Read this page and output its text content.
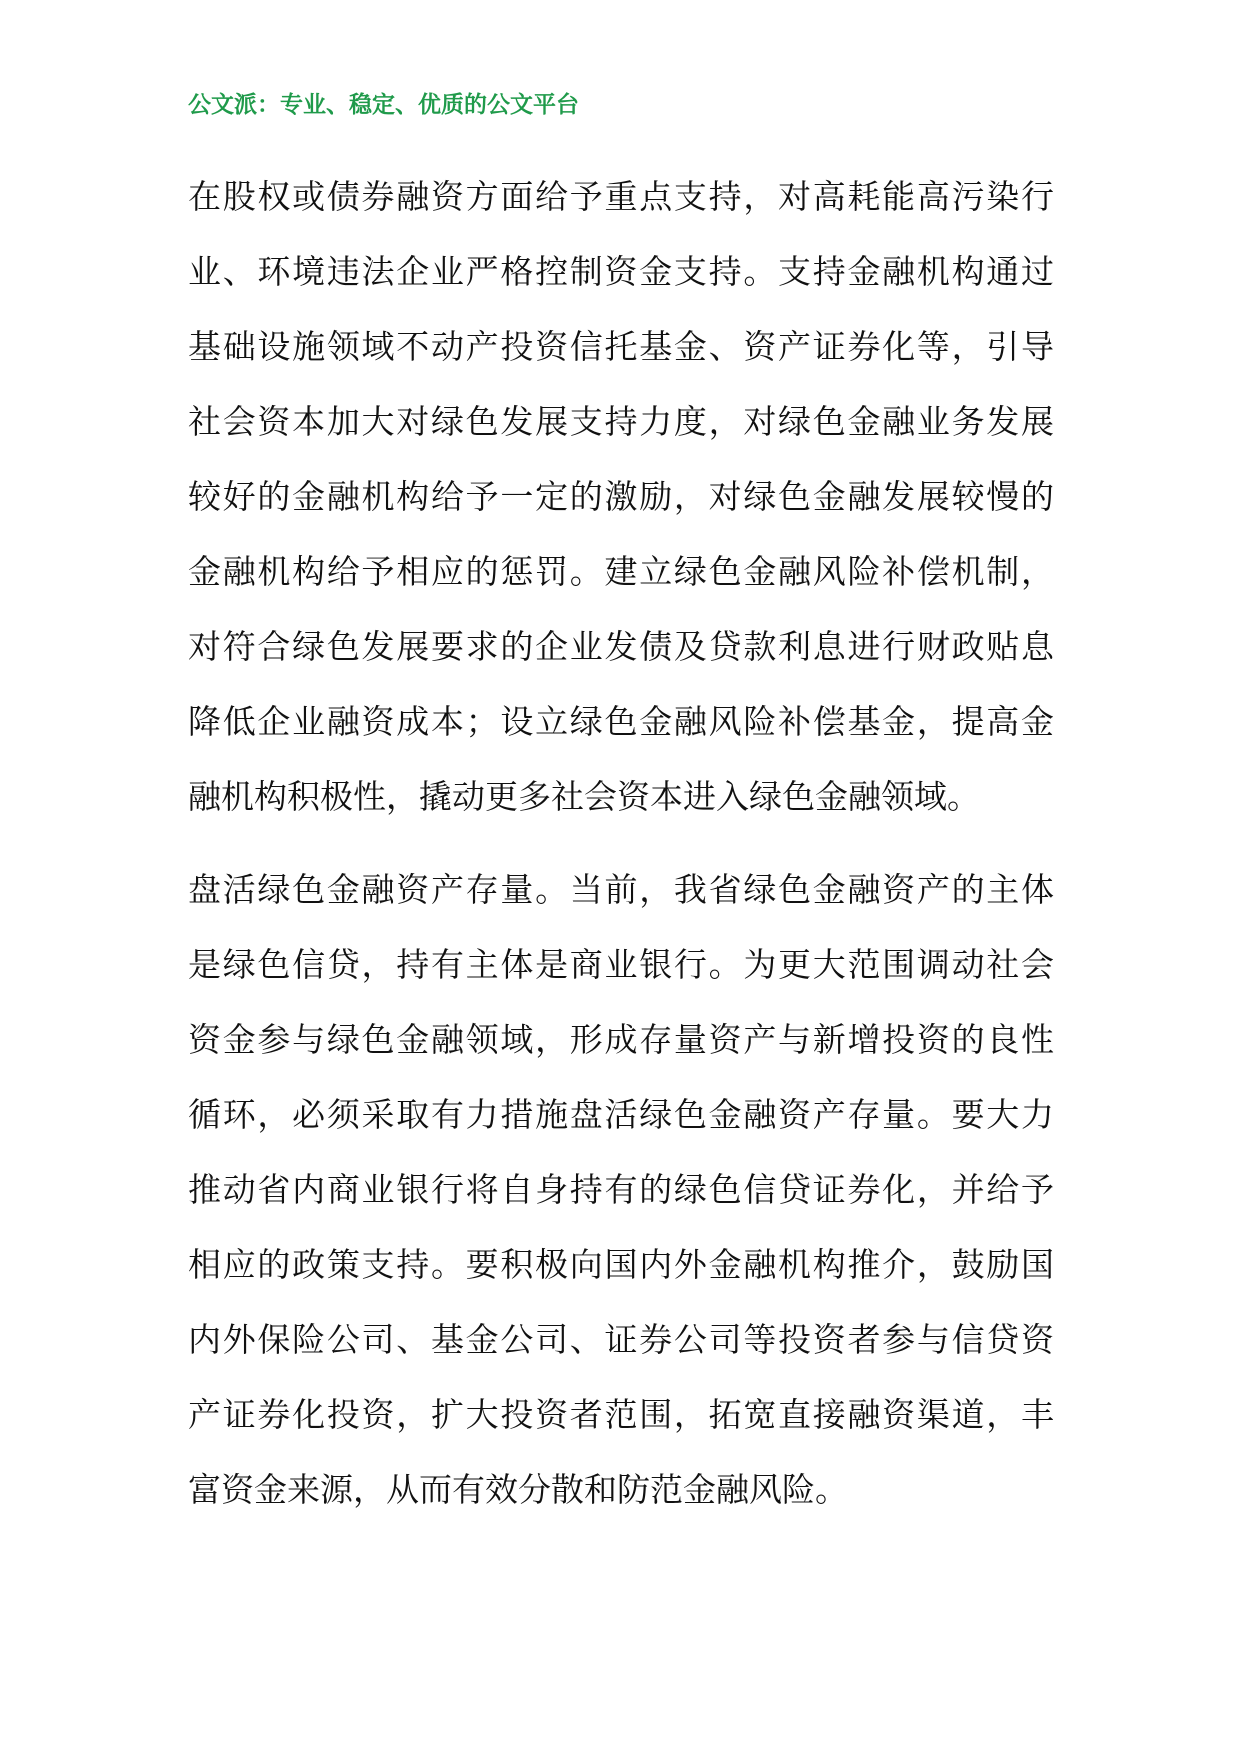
公文派：专业、稳定、优质的公文平台
在股权或债券融资方面给予重点支持，对高耗能高污染行
业、环境违法企业严格控制资金支持。支持金融机构通过
基础设施领域不动产投资信托基金、资产证券化等，引导
社会资本加大对绿色发展支持力度，对绿色金融业务发展
较好的金融机构给予一定的激励，对绿色金融发展较慢的
金融机构给予相应的惩罚。建立绿色金融风险补偿机制，
对符合绿色发展要求的企业发债及贷款利息进行财政贴息
降低企业融资成本；设立绿色金融风险补偿基金，提高金
融机构积极性，撬动更多社会资本进入绿色金融领域。
盘活绿色金融资产存量。当前，我省绿色金融资产的主体
是绿色信贷，持有主体是商业银行。为更大范围调动社会
资金参与绿色金融领域，形成存量资产与新增投资的良性
循环，必须采取有力措施盘活绿色金融资产存量。要大力
推动省内商业银行将自身持有的绿色信贷证券化，并给予
相应的政策支持。要积极向国内外金融机构推介，鼓励国
内外保险公司、基金公司、证券公司等投资者参与信贷资
产证券化投资，扩大投资者范围，拓宽直接融资渠道，丰
富资金来源，从而有效分散和防范金融风险。
